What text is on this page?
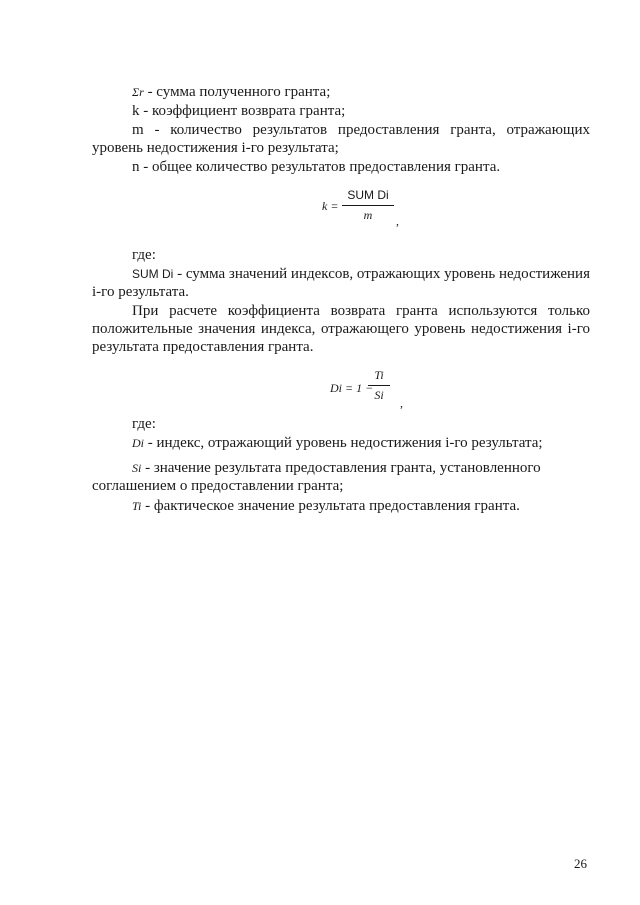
Σr - сумма полученного гранта;
k - коэффициент возврата гранта;
m - количество результатов предоставления гранта, отражающих
уровень недостижения i-го результата;
n - общее количество результатов предоставления гранта.
k =
SUM Di
m	,
где:
SUM Di - сумма значений индексов, отражающих уровень недостижения
i-го результата.
При расчете коэффициента возврата гранта используются только
положительные значения индекса, отражающего уровень недостижения i-го
результата предоставления гранта.
Di = 1 −
Ti
Si
,
где:
Di - индекс, отражающий уровень недостижения i-го результата;
Si - значение результата предоставления гранта, установленного
соглашением о предоставлении гранта;
Ti - фактическое значение результата предоставления гранта.
26
